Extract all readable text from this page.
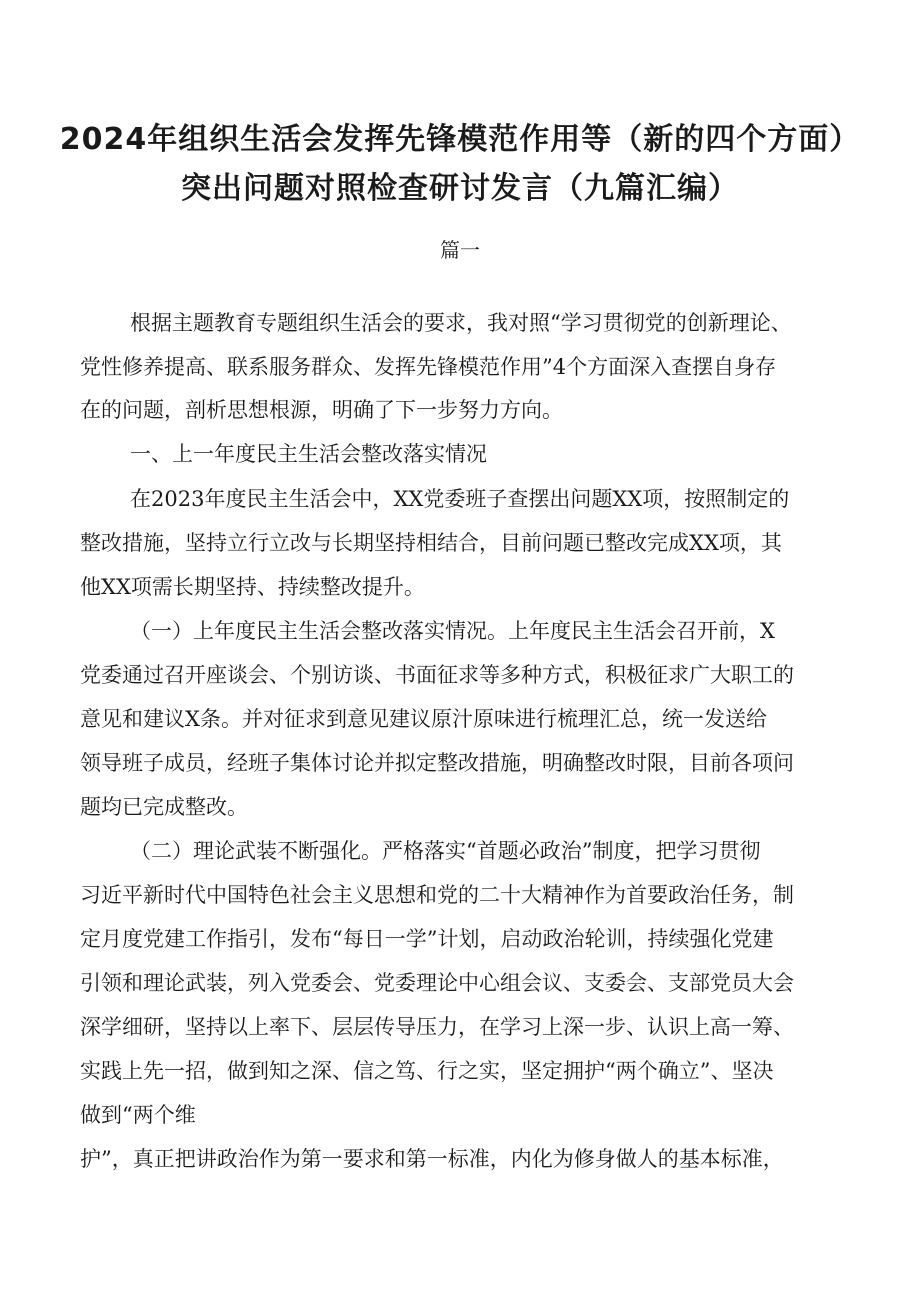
2024年组织生活会发挥先锋模范作用等（新的四个方面）
突出问题对照检查研讨发言（九篇汇编）
篇一
根据主题教育专题组织生活会的要求，我对照“学习贯彻党的创新理论、
党性修养提高、联系服务群众、发挥先锋模范作用”4个方面深入查摆自身存
在的问题，剖析思想根源，明确了下一步努力方向。
一、上一年度民主生活会整改落实情况
在2023年度民主生活会中，XX党委班子查摆出问题XX项，按照制定的
整改措施，坚持立行立改与长期坚持相结合，目前问题已整改完成XX项，其
他XX项需长期坚持、持续整改提升。
（一）上年度民主生活会整改落实情况。上年度民主生活会召开前，X
党委通过召开座谈会、个别访谈、书面征求等多种方式，积极征求广大职工的
意见和建议X条。并对征求到意见建议原汁原味进行梳理汇总，统一发送给
领导班子成员，经班子集体讨论并拟定整改措施，明确整改时限，目前各项问
题均已完成整改。
（二）理论武装不断强化。严格落实“首题必政治”制度，把学习贯彻
习近平新时代中国特色社会主义思想和党的二十大精神作为首要政治任务，制
定月度党建工作指引，发布“每日一学”计划，启动政治轮训，持续强化党建
引领和理论武装，列入党委会、党委理论中心组会议、支委会、支部党员大会
深学细研，坚持以上率下、层层传导压力，在学习上深一步、认识上高一筹、
实践上先一招，做到知之深、信之笃、行之实，坚定拥护“两个确立”、坚决
做到“两个维
护”，真正把讲政治作为第一要求和第一标准，内化为修身做人的基本标准，
